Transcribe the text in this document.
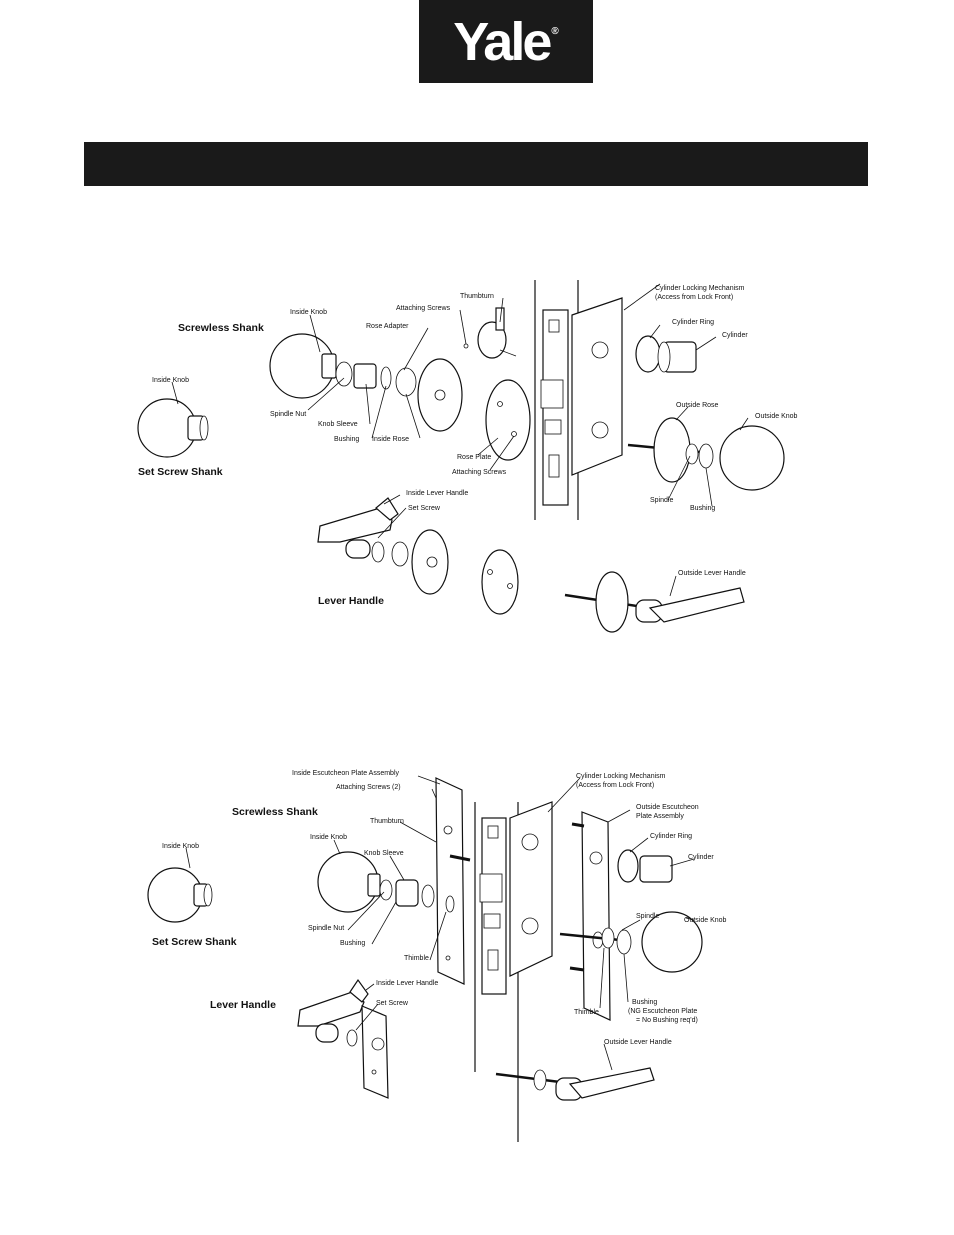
Yale ®
Screwless Shank
Set Screw Shank
Lever Handle
Inside Knob
Inside Knob
Attaching Screws
Thumbturn
Rose Adapter
Spindle Nut
Knob Sleeve
Bushing Inside Rose
Rose Plate
Attaching Screws
Cylinder Locking Mechanism
(Access from Lock Front)
Cylinder Ring
Cylinder
Outside Rose
Outside Knob
Spindle
Bushing
Inside Lever Handle
Set Screw
Outside Lever Handle
Screwless Shank
Set Screw Shank
Lever Handle
Inside Escutcheon Plate Assembly
Attaching Screws (2)
Thumbturn
Inside Knob
Inside Knob
Knob Sleeve
Spindle Nut
Bushing
Thimble
Cylinder Locking Mechanism
(Access from Lock Front)
Outside Escutcheon
Plate Assembly
Cylinder Ring
Cylinder
Spindle
Outside Knob
Thimble
Bushing
(NG Escutcheon Plate
= No Bushing req'd)
Inside Lever Handle
Set Screw
Outside Lever Handle
